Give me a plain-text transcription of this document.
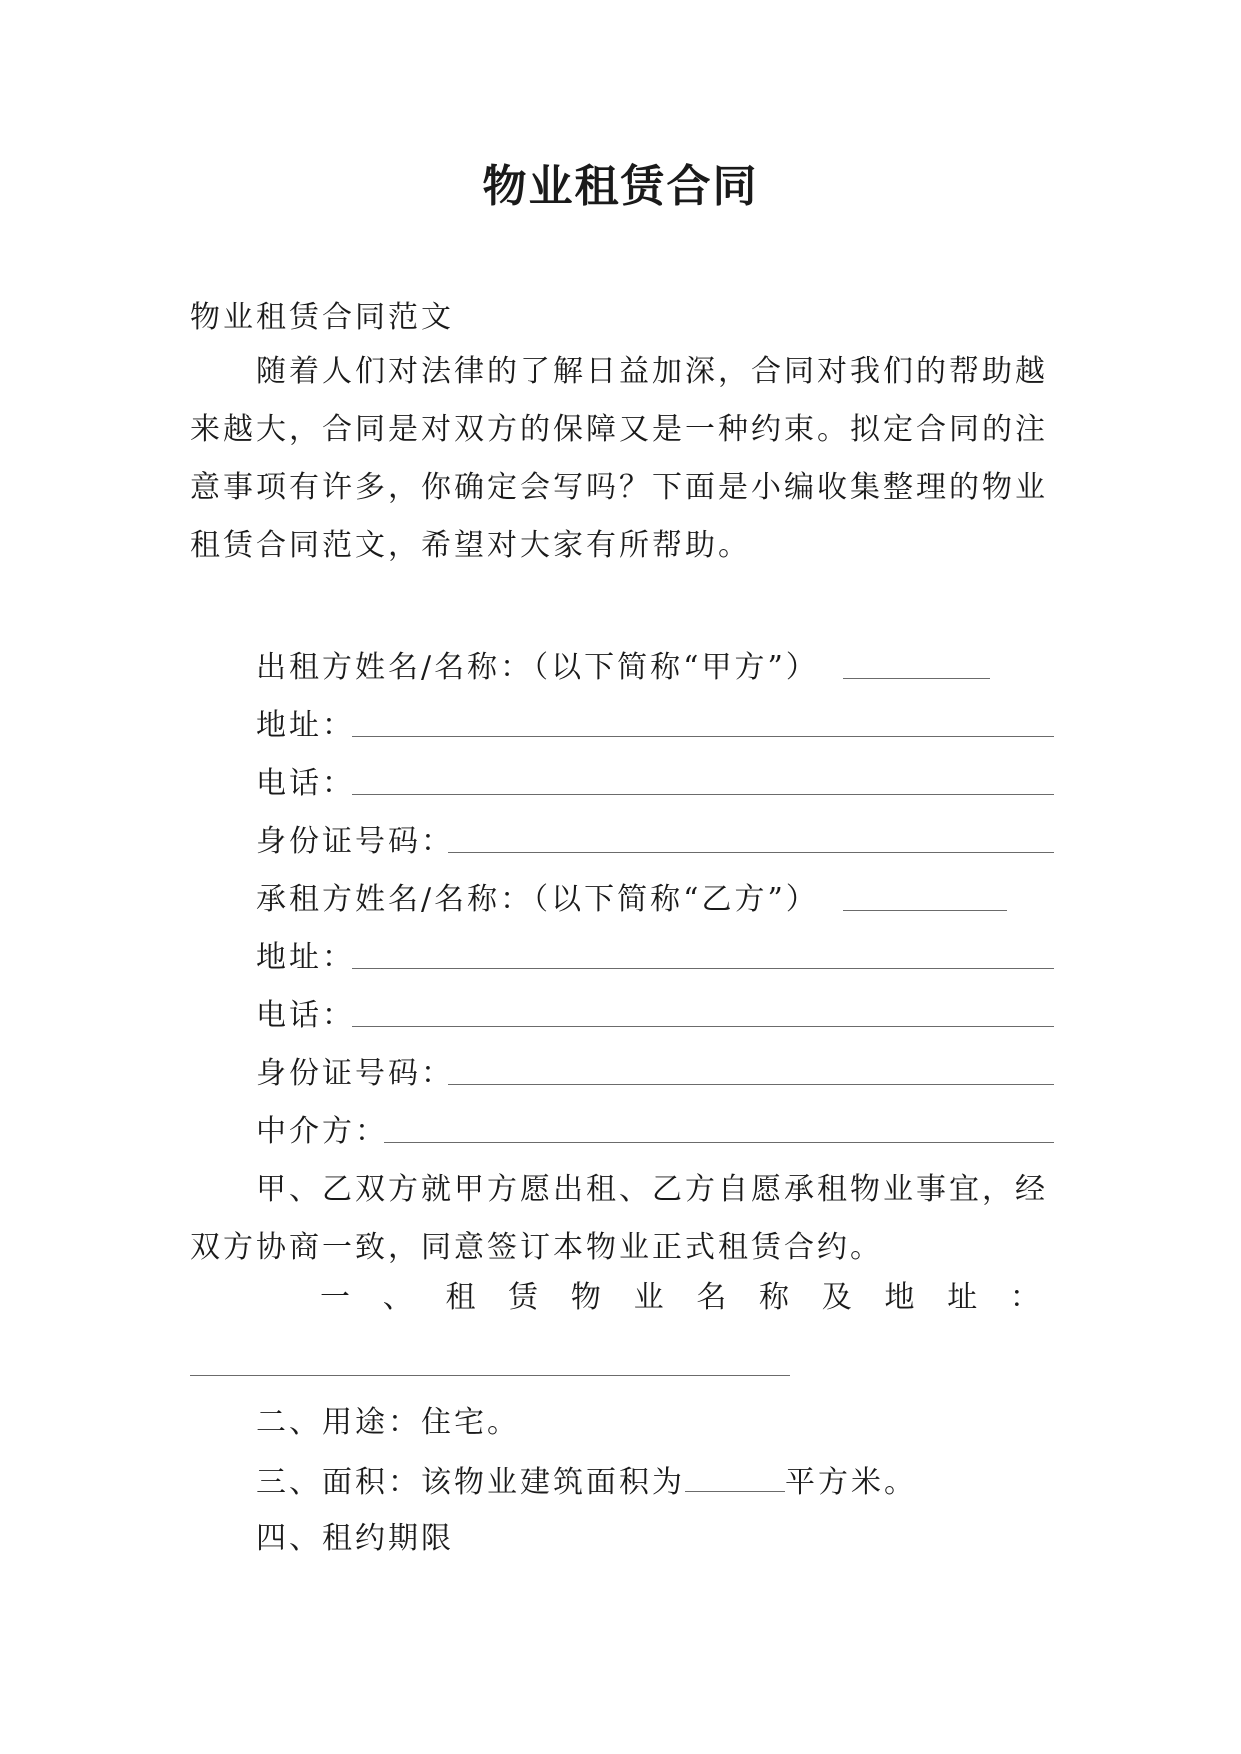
物业租赁合同
物业租赁合同范文

随着人们对法律的了解日益加深，合同对我们的帮助越来越大，合同是对双方的保障又是一种约束。拟定合同的注意事项有许多，你确定会写吗？下面是小编收集整理的物业租赁合同范文，希望对大家有所帮助。

出租方姓名/名称：（以下简称“甲方”）
地址：
电话：
身份证号码：
承租方姓名/名称：（以下简称“乙方”）
地址：
电话：
身份证号码：
中介方：

甲、乙双方就甲方愿出租、乙方自愿承租物业事宜，经双方协商一致，同意签订本物业正式租赁合约。

一 、 租 赁 物 业 名 称 及 地 址 ：
二、用途：住宅。
三、面积：该物业建筑面积为	平方米。
四、租约期限
